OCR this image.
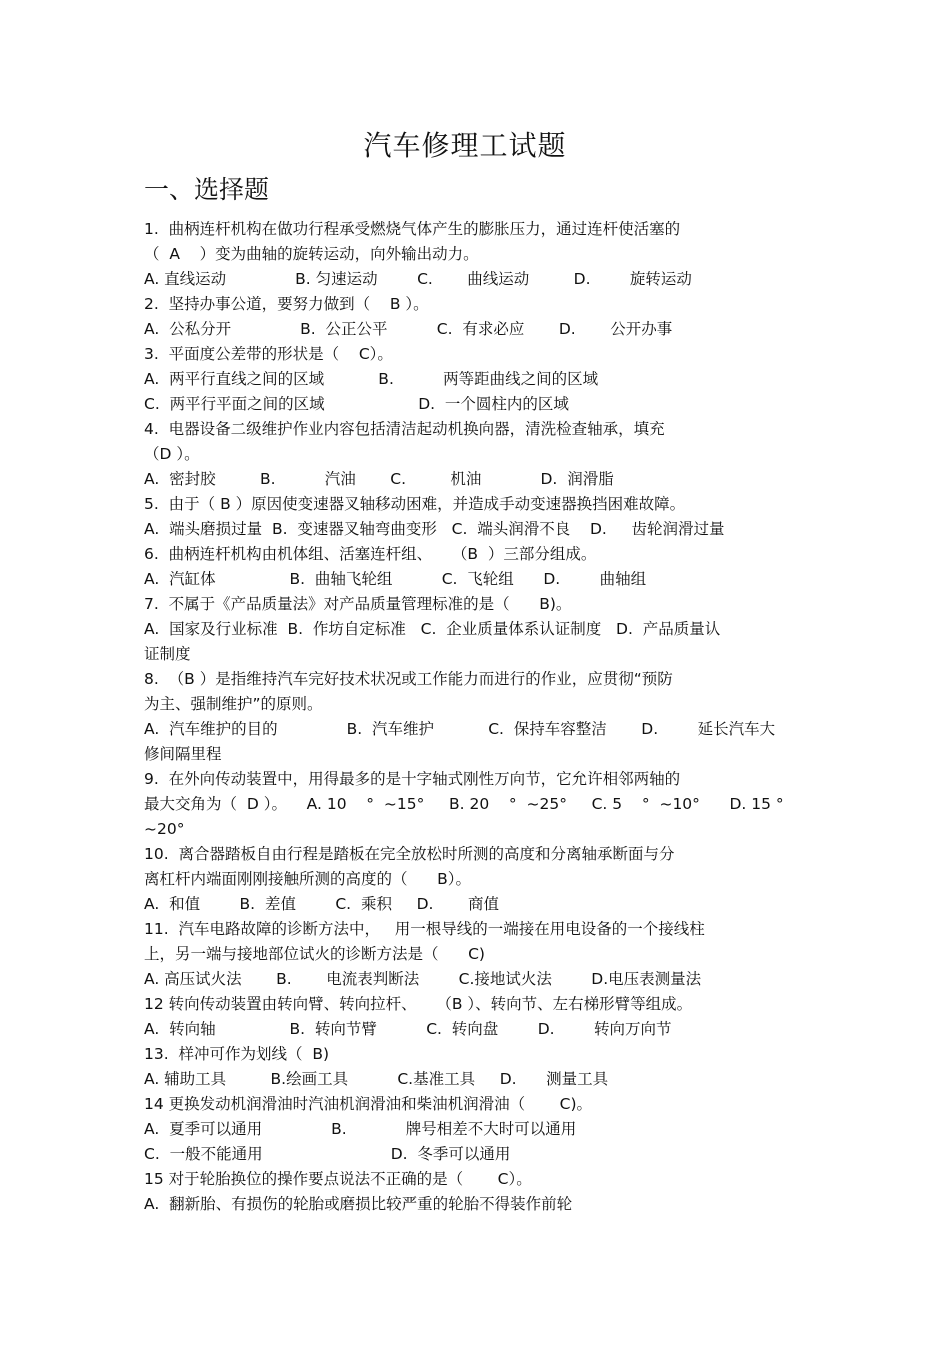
汽车修理工试题
一、选择题
1.  曲柄连杆机构在做功行程承受燃烧气体产生的膨胀压力，通过连杆使活塞的
（  A    ）变为曲轴的旋转运动，向外输出动力。
A. 直线运动              B. 匀速运动        C.       曲线运动         D.        旋转运动
2.  坚持办事公道，要努力做到（    B ）。
A.  公私分开              B.  公正公平          C.  有求必应       D.       公开办事
3.  平面度公差带的形状是（    C）。
A.  两平行直线之间的区域           B.          两等距曲线之间的区域
C.  两平行平面之间的区域                   D.  一个圆柱内的区域
4.  电器设备二级维护作业内容包括清洁起动机换向器，清洗检查轴承，填充
（D ）。
A.  密封胶         B.          汽油       C.         机油            D.  润滑脂
5.  由于（ B ）原因使变速器叉轴移动困难，并造成手动变速器换挡困难故障。
A.  端头磨损过量  B.  变速器叉轴弯曲变形   C.  端头润滑不良    D.     齿轮润滑过量
6.  曲柄连杆机构由机体组、活塞连杆组、    （B  ）三部分组成。
A.  汽缸体               B.  曲轴飞轮组          C.  飞轮组      D.        曲轴组
7.  不属于《产品质量法》对产品质量管理标准的是（      B)。
A.  国家及行业标准  B.  作坊自定标准   C.  企业质量体系认证制度   D.  产品质量认
证制度
8.  （B ）是指维持汽车完好技术状况或工作能力而进行的作业，应贯彻“预防
为主、强制维护”的原则。
A.  汽车维护的目的              B.  汽车维护           C.  保持车容整洁       D.        延长汽车大
修间隔里程
9.  在外向传动装置中，用得最多的是十字轴式刚性万向节，它允许相邻两轴的
最大交角为（  D ）。    A. 10    °  ~15°     B. 20    °  ~25°     C. 5    °  ~10°      D. 15 °
~20°
10.  离合器踏板自由行程是踏板在完全放松时所测的高度和分离轴承断面与分
离杠杆内端面刚刚接触所测的高度的（      B）。
A.  和值        B.  差值        C.  乘积     D.       商值
11.  汽车电路故障的诊断方法中，   用一根导线的一端接在用电设备的一个接线柱
上，另一端与接地部位试火的诊断方法是（      C)
A. 高压试火法       B.       电流表判断法        C.接地试火法        D.电压表测量法
12 转向传动装置由转向臂、转向拉杆、    （B ）、转向节、左右梯形臂等组成。
A.  转向轴               B.  转向节臂          C.  转向盘        D.        转向万向节
13.  样冲可作为划线（  B)
A. 辅助工具         B.绘画工具          C.基准工具     D.      测量工具
14 更换发动机润滑油时汽油机润滑油和柴油机润滑油（       C)。
A.  夏季可以通用              B.            牌号相差不大时可以通用
C.  一般不能通用                          D.  冬季可以通用
15 对于轮胎换位的操作要点说法不正确的是（       C）。
A.  翻新胎、有损伤的轮胎或磨损比较严重的轮胎不得装作前轮
